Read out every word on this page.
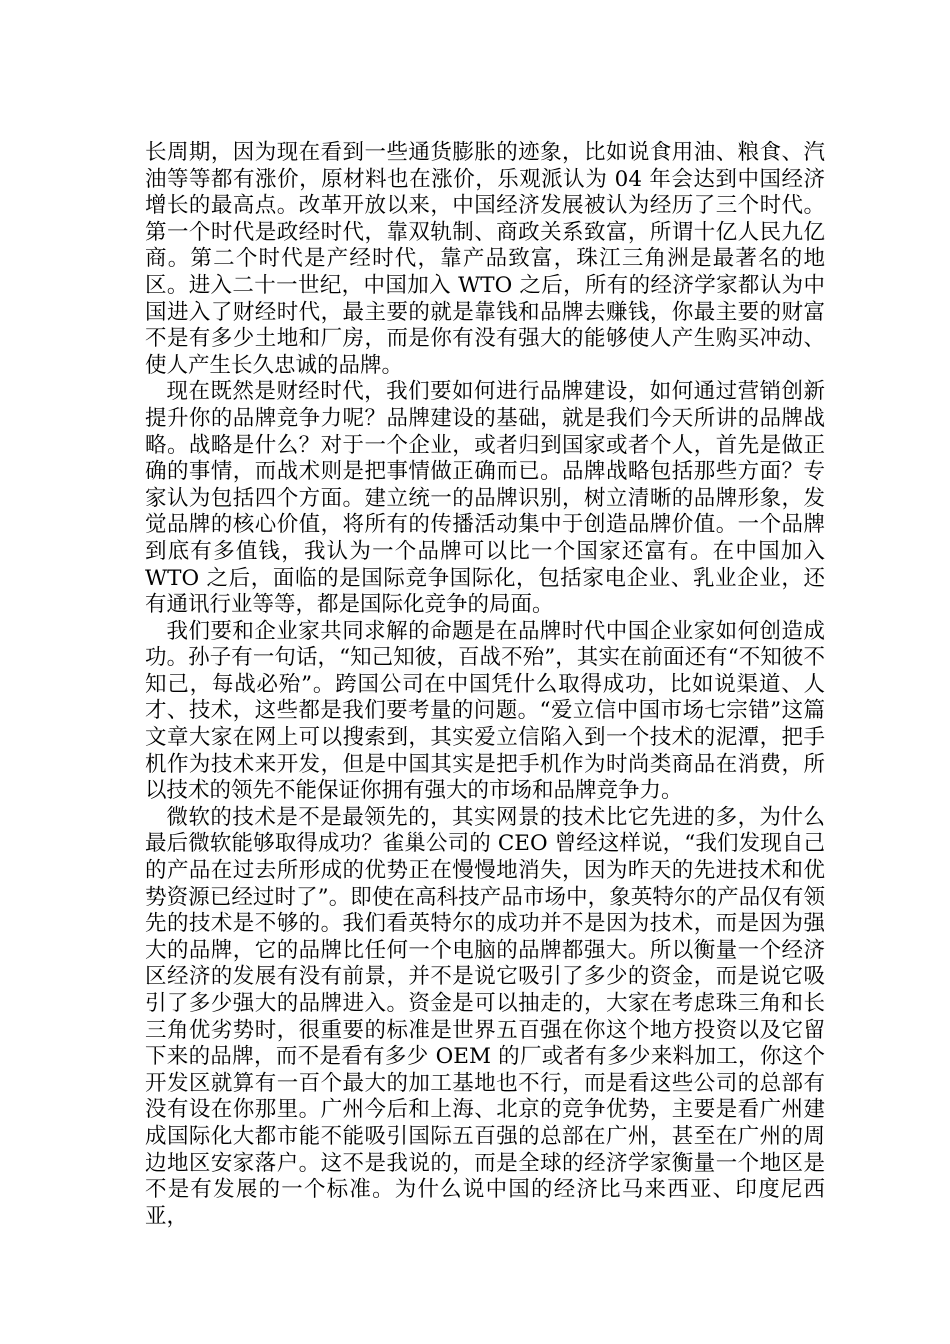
长周期，因为现在看到一些通货膨胀的迹象，比如说食用油、粮食、汽油等等都有涨价，原材料也在涨价，乐观派认为 04 年会达到中国经济增长的最高点。改革开放以来，中国经济发展被认为经历了三个时代。第一个时代是政经时代，靠双轨制、商政关系致富，所谓十亿人民九亿商。第二个时代是产经时代，靠产品致富，珠江三角洲是最著名的地区。进入二十一世纪，中国加入 WTO 之后，所有的经济学家都认为中国进入了财经时代，最主要的就是靠钱和品牌去赚钱，你最主要的财富不是有多少土地和厂房，而是你有没有强大的能够使人产生购买冲动、使人产生长久忠诚的品牌。

现在既然是财经时代，我们要如何进行品牌建设，如何通过营销创新提升你的品牌竞争力呢？品牌建设的基础，就是我们今天所讲的品牌战略。战略是什么？对于一个企业，或者归到国家或者个人，首先是做正确的事情，而战术则是把事情做正确而已。品牌战略包括那些方面？专家认为包括四个方面。建立统一的品牌识别，树立清晰的品牌形象，发觉品牌的核心价值，将所有的传播活动集中于创造品牌价值。一个品牌到底有多值钱，我认为一个品牌可以比一个国家还富有。在中国加入 WTO 之后，面临的是国际竞争国际化，包括家电企业、乳业企业，还有通讯行业等等，都是国际化竞争的局面。

我们要和企业家共同求解的命题是在品牌时代中国企业家如何创造成功。孙子有一句话，“知己知彼，百战不殆”，其实在前面还有“不知彼不知己，每战必殆”。跨国公司在中国凭什么取得成功，比如说渠道、人才、技术，这些都是我们要考量的问题。“爱立信中国市场七宗错”这篇文章大家在网上可以搜索到，其实爱立信陷入到一个技术的泥潭，把手机作为技术来开发，但是中国其实是把手机作为时尚类商品在消费，所以技术的领先不能保证你拥有强大的市场和品牌竞争力。

微软的技术是不是最领先的，其实网景的技术比它先进的多，为什么最后微软能够取得成功？雀巢公司的 CEO 曾经这样说，“我们发现自己的产品在过去所形成的优势正在慢慢地消失，因为昨天的先进技术和优势资源已经过时了”。即使在高科技产品市场中，象英特尔的产品仅有领先的技术是不够的。我们看英特尔的成功并不是因为技术，而是因为强大的品牌，它的品牌比任何一个电脑的品牌都强大。所以衡量一个经济区经济的发展有没有前景，并不是说它吸引了多少的资金，而是说它吸引了多少强大的品牌进入。资金是可以抽走的，大家在考虑珠三角和长三角优劣势时，很重要的标准是世界五百强在你这个地方投资以及它留下来的品牌，而不是看有多少 OEM 的厂或者有多少来料加工，你这个开发区就算有一百个最大的加工基地也不行，而是看这些公司的总部有没有设在你那里。广州今后和上海、北京的竞争优势，主要是看广州建成国际化大都市能不能吸引国际五百强的总部在广州，甚至在广州的周边地区安家落户。这不是我说的，而是全球的经济学家衡量一个地区是不是有发展的一个标准。为什么说中国的经济比马来西亚、印度尼西亚，
